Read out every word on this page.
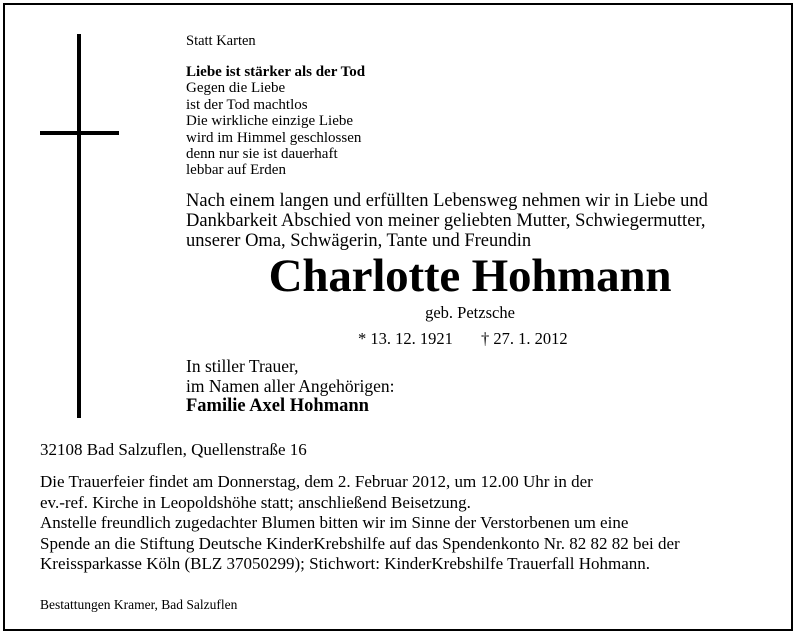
Statt Karten
Liebe ist stärker als der Tod
Gegen die Liebe
ist der Tod machtlos
Die wirkliche einzige Liebe
wird im Himmel geschlossen
denn nur sie ist dauerhaft
lebbar auf Erden
Nach einem langen und erfüllten Lebensweg nehmen wir in Liebe und
Dankbarkeit Abschied von meiner geliebten Mutter, Schwiegermutter,
unserer Oma, Schwägerin, Tante und Freundin
Charlotte Hohmann
geb. Petzsche
* 13. 12. 1921 † 27. 1. 2012
In stiller Trauer,
im Namen aller Angehörigen:
Familie Axel Hohmann
32108 Bad Salzuflen, Quellenstraße 16
Die Trauerfeier findet am Donnerstag, dem 2. Februar 2012, um 12.00 Uhr in der
ev.-ref. Kirche in Leopoldshöhe statt; anschließend Beisetzung.
Anstelle freundlich zugedachter Blumen bitten wir im Sinne der Verstorbenen um eine
Spende an die Stiftung Deutsche KinderKrebshilfe auf das Spendenkonto Nr. 82 82 82 bei der
Kreissparkasse Köln (BLZ 37050299); Stichwort: KinderKrebshilfe Trauerfall Hohmann.
Bestattungen Kramer, Bad Salzuflen
